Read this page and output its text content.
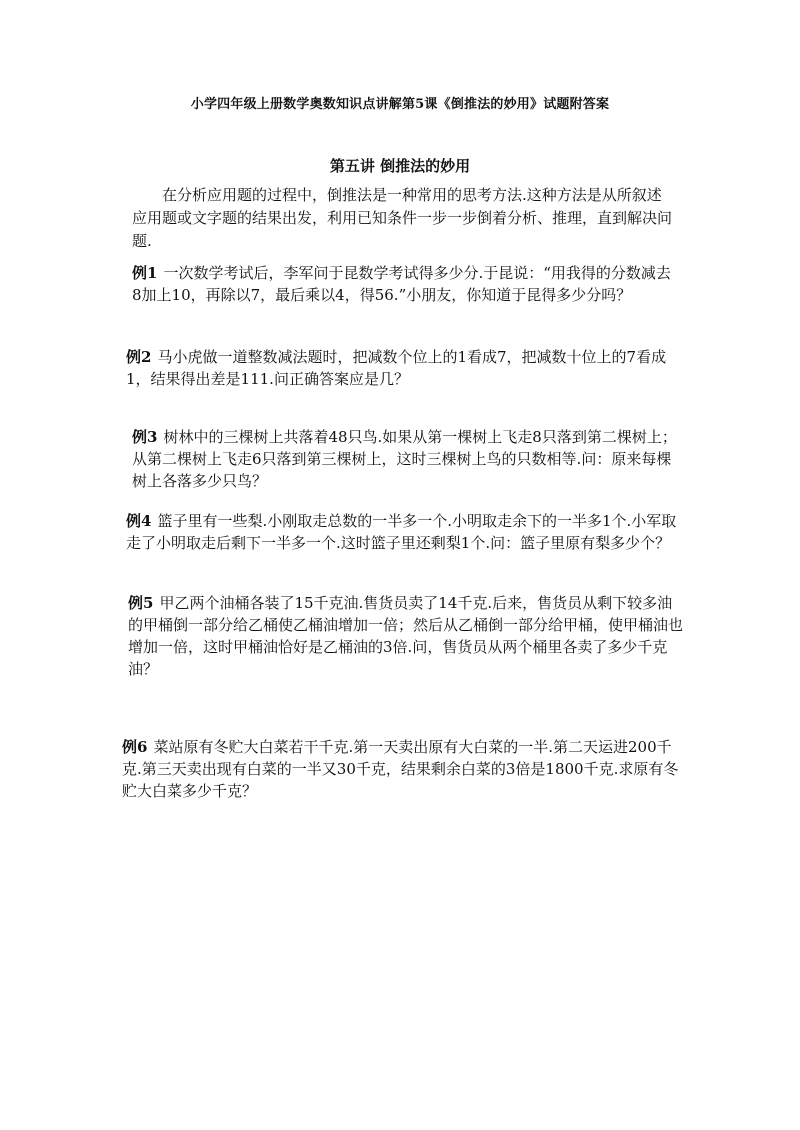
小学四年级上册数学奥数知识点讲解第5课《倒推法的妙用》试题附答案
第五讲 倒推法的妙用
在分析应用题的过程中，倒推法是一种常用的思考方法.这种方法是从所叙述应用题或文字题的结果出发，利用已知条件一步一步倒着分析、推理，直到解决问题.
例1 一次数学考试后，李军问于昆数学考试得多少分.于昆说：“用我得的分数减去8加上10，再除以7，最后乘以4，得56.”小朋友，你知道于昆得多少分吗？
例2 马小虎做一道整数减法题时，把减数个位上的1看成7，把减数十位上的7看成1，结果得出差是111.问正确答案应是几？
例3 树林中的三棵树上共落着48只鸟.如果从第一棵树上飞走8只落到第二棵树上；从第二棵树上飞走6只落到第三棵树上，这时三棵树上鸟的只数相等.问：原来每棵树上各落多少只鸟？
例4 篮子里有一些梨.小刚取走总数的一半多一个.小明取走余下的一半多1个.小军取走了小明取走后剩下一半多一个.这时篮子里还剩梨1个.问：篮子里原有梨多少个？
例5 甲乙两个油桶各装了15千克油.售货员卖了14千克.后来，售货员从剩下较多油的甲桶倒一部分给乙桶使乙桶油增加一倍；然后从乙桶倒一部分给甲桶，使甲桶油也增加一倍，这时甲桶油恰好是乙桶油的3倍.问，售货员从两个桶里各卖了多少千克油？
例6 菜站原有冬贮大白菜若干千克.第一天卖出原有大白菜的一半.第二天运进200千克.第三天卖出现有白菜的一半又30千克，结果剩余白菜的3倍是1800千克.求原有冬贮大白菜多少千克？
